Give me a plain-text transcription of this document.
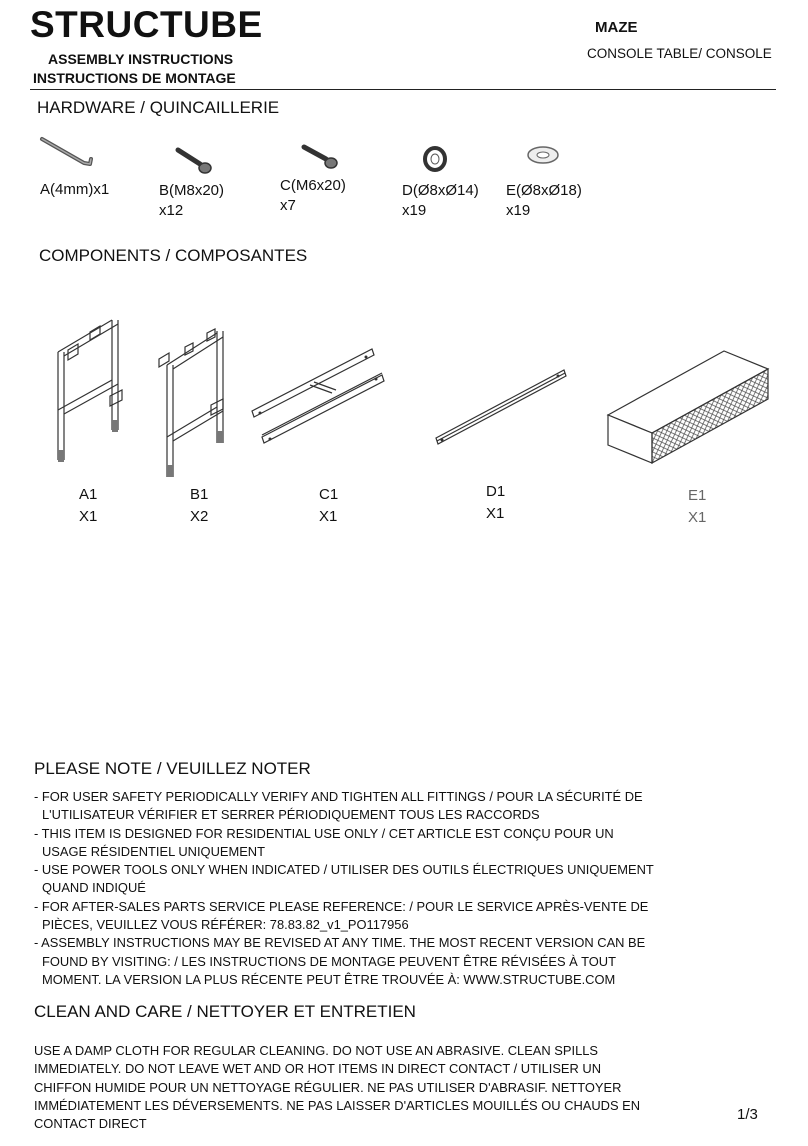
STRUCTUBE
ASSEMBLY INSTRUCTIONS
INSTRUCTIONS DE MONTAGE
MAZE
CONSOLE TABLE/ CONSOLE
HARDWARE / QUINCAILLERIE
A(4mm)x1	B(M8x20)
x12
C(M6x20)
x7
D(Ø8xØ14)
x19
E(Ø8xØ18)
x19
COMPONENTS / COMPOSANTES
A1
X1
B1
X2
C1
X1
D1
X1
E1
X1
PLEASE NOTE / VEUILLEZ NOTER
- FOR USER SAFETY PERIODICALLY VERIFY AND TIGHTEN ALL FITTINGS / POUR LA SÉCURITÉ DE
L'UTILISATEUR VÉRIFIER ET SERRER PÉRIODIQUEMENT TOUS LES RACCORDS
- THIS ITEM IS DESIGNED FOR RESIDENTIAL USE ONLY / CET ARTICLE EST CONÇU POUR UN
USAGE RÉSIDENTIEL UNIQUEMENT
- USE POWER TOOLS ONLY WHEN INDICATED / UTILISER DES OUTILS ÉLECTRIQUES UNIQUEMENT
QUAND INDIQUÉ
- FOR AFTER-SALES PARTS SERVICE PLEASE REFERENCE: / POUR LE SERVICE APRÈS-VENTE DE
PIÈCES, VEUILLEZ VOUS RÉFÉRER: 78.83.82_v1_PO117956
- ASSEMBLY INSTRUCTIONS MAY BE REVISED AT ANY TIME. THE MOST RECENT VERSION CAN BE
FOUND BY VISITING: / LES INSTRUCTIONS DE MONTAGE PEUVENT ÊTRE RÉVISÉES À TOUT
MOMENT. LA VERSION LA PLUS RÉCENTE PEUT ÊTRE TROUVÉE À: WWW.STRUCTUBE.COM
CLEAN AND CARE / NETTOYER ET ENTRETIEN
USE A DAMP CLOTH FOR REGULAR CLEANING. DO NOT USE AN ABRASIVE. CLEAN SPILLS
IMMEDIATELY. DO NOT LEAVE WET AND OR HOT ITEMS IN DIRECT CONTACT / UTILISER UN
CHIFFON HUMIDE POUR UN NETTOYAGE RÉGULIER. NE PAS UTILISER D'ABRASIF. NETTOYER
IMMÉDIATEMENT LES DÉVERSEMENTS. NE PAS LAISSER D'ARTICLES MOUILLÉS OU CHAUDS EN
CONTACT DIRECT
1/3
